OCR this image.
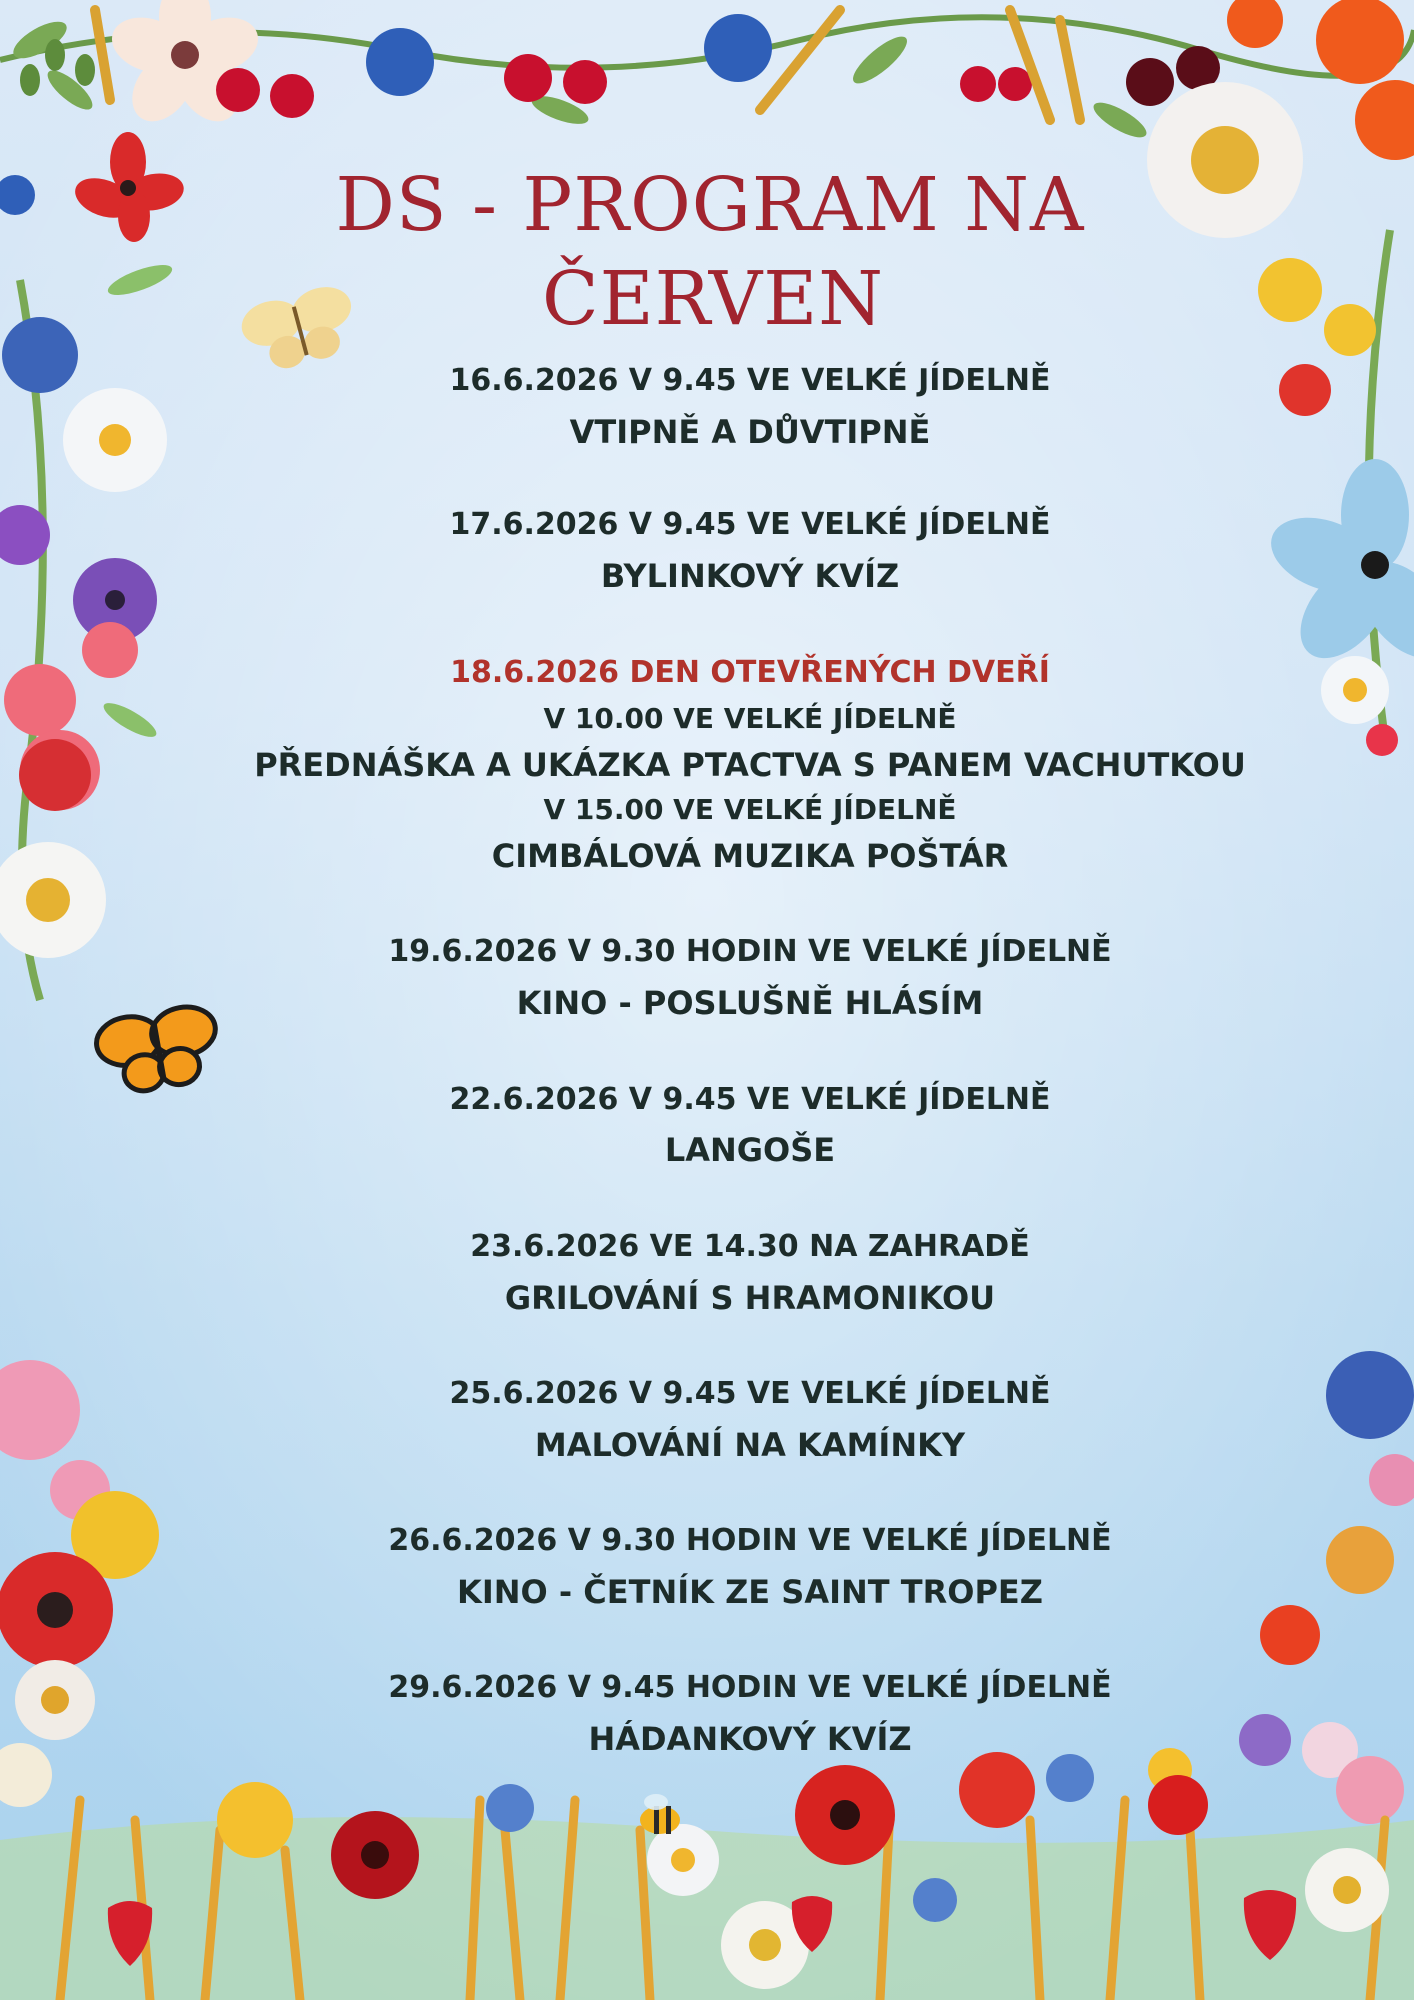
DS - PROGRAM NA
ČERVEN
16.6.2026 V 9.45 VE VELKÉ JÍDELNĚ
VTIPNĚ A DŮVTIPNĚ
17.6.2026 V 9.45 VE VELKÉ JÍDELNĚ
BYLINKOVÝ KVÍZ
18.6.2026 DEN OTEVŘENÝCH DVEŘÍ
V 10.00 VE VELKÉ JÍDELNĚ
PŘEDNÁŠKA A UKÁZKA PTACTVA S PANEM VACHUTKOU
V 15.00 VE VELKÉ JÍDELNĚ
CIMBÁLOVÁ MUZIKA POŠTÁR
19.6.2026 V 9.30 HODIN VE VELKÉ JÍDELNĚ
KINO - POSLUŠNĚ HLÁSÍM
22.6.2026 V 9.45 VE VELKÉ JÍDELNĚ
LANGOŠE
23.6.2026 VE 14.30 NA ZAHRADĚ
GRILOVÁNÍ S HRAMONIKOU
25.6.2026 V 9.45 VE VELKÉ JÍDELNĚ
MALOVÁNÍ NA KAMÍNKY
26.6.2026 V 9.30 HODIN VE VELKÉ JÍDELNĚ
KINO - ČETNÍK ZE SAINT TROPEZ
29.6.2026 V 9.45 HODIN VE VELKÉ JÍDELNĚ
HÁDANKOVÝ KVÍZ
